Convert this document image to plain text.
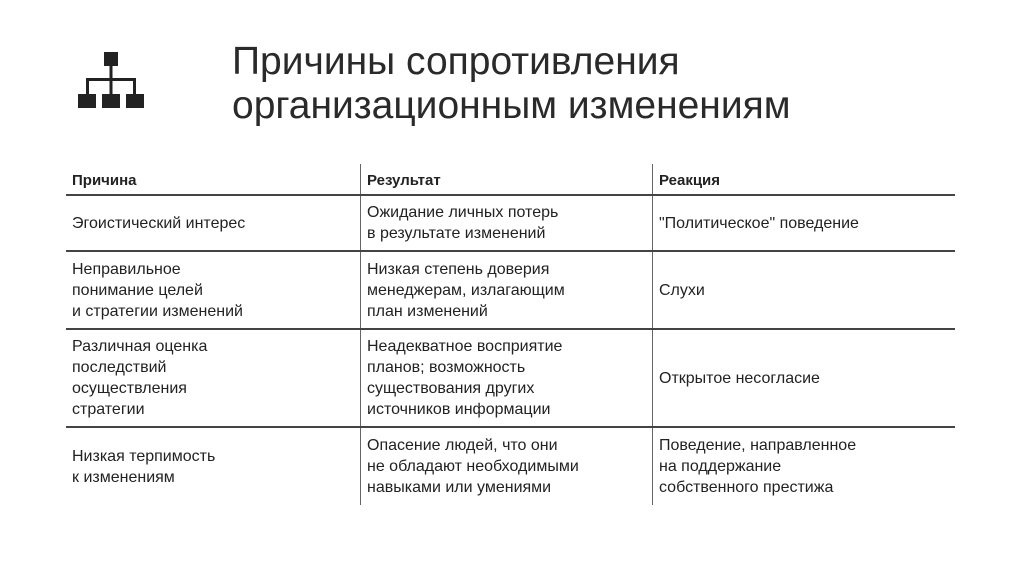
Причины сопротивления
организационным изменениям
Причина	Результат	Реакция
Эгоистический интерес
Ожидание личных потерь
в результате изменений
"Политическое" поведение
Неправильное
понимание целей
и стратегии изменений
Низкая степень доверия
менеджерам, излагающим
план изменений
Слухи
Различная оценка
последствий
осуществления
стратегии
Неадекватное восприятие
планов; возможность
существования других
источников информации
Открытое несогласие
Низкая терпимость
к изменениям
Опасение людей, что они
не обладают необходимыми
навыками или умениями
Поведение, направленное
на поддержание
собственного престижа
